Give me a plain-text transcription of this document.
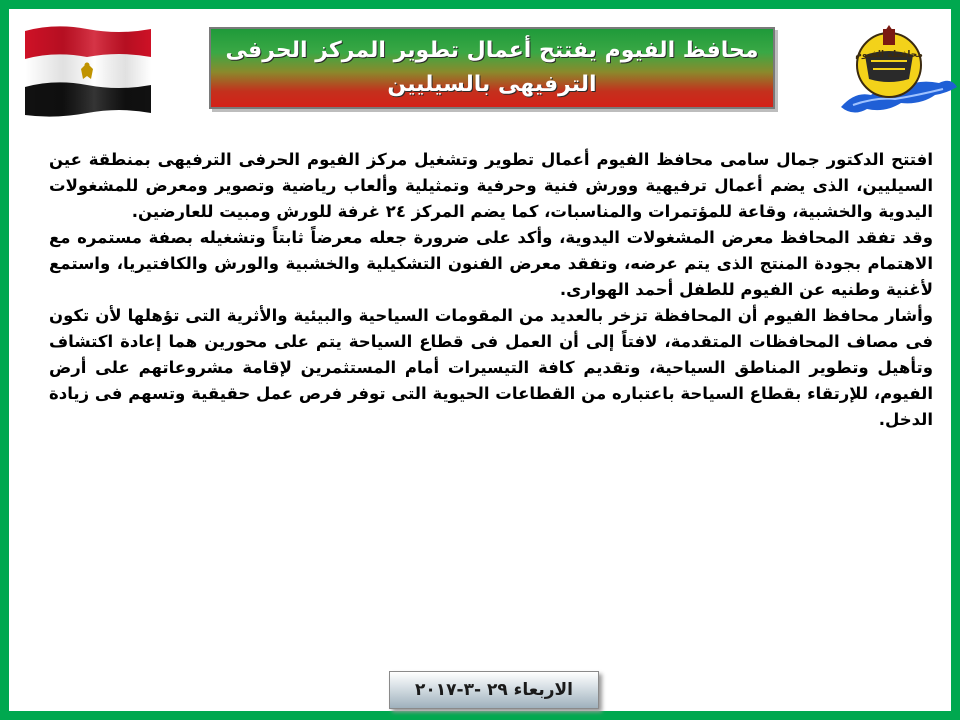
محافظ الفيوم يفتتح أعمال تطوير المركز الحرفى
الترفيهى بالسيليين
محافظة الفيوم

افتتح الدكتور جمال سامى محافظ الفيوم أعمال تطوير وتشغيل مركز الفيوم الحرفى الترفيهى بمنطقة عين السيليين، الذى يضم أعمال ترفيهية وورش فنية وحرفية وتمثيلية وألعاب رياضية وتصوير ومعرض للمشغولات اليدوية والخشبية، وقاعة للمؤتمرات والمناسبات، كما يضم المركز ٢٤ غرفة للورش ومبيت للعارضين.

وقد تفقد المحافظ معرض المشغولات اليدوية، وأكد على ضرورة جعله معرضاً ثابتاً وتشغيله بصفة مستمره مع الاهتمام بجودة المنتج الذى يتم عرضه، وتفقد معرض الفنون التشكيلية والخشبية والورش والكافتيريا، واستمع لأغنية وطنيه عن الفيوم للطفل أحمد الهوارى.

وأشار محافظ الفيوم أن المحافظة تزخر بالعديد من المقومات السياحية والبيئية والأثرية التى تؤهلها لأن تكون فى مصاف المحافظات المتقدمة، لافتاً إلى أن العمل فى قطاع السياحة يتم على محورين هما إعادة اكتشاف وتأهيل وتطوير المناطق السياحية، وتقديم كافة التيسيرات أمام المستثمرين لإقامة مشروعاتهم على أرض الفيوم، للإرتقاء بقطاع السياحة باعتباره من القطاعات الحيوية التى توفر فرص عمل حقيقية وتسهم فى زيادة الدخل.

الاربعاء ٢٩ -٣-٢٠١٧
